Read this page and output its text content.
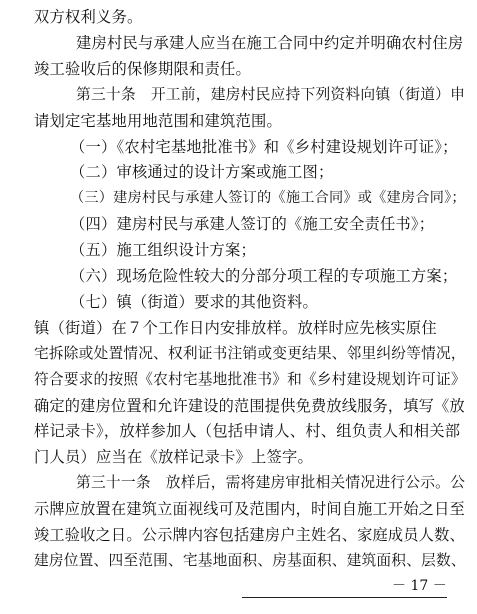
双方权利义务。
建房村民与承建人应当在施工合同中约定并明确农村住房
竣工验收后的保修期限和责任。
第三十条　开工前，建房村民应持下列资料向镇（街道）申
请划定宅基地用地范围和建筑范围。
（一）《农村宅基地批准书》和《乡村建设规划许可证》；
（二）审核通过的设计方案或施工图；
（三）建房村民与承建人签订的《施工合同》或《建房合同》；
（四）建房村民与承建人签订的《施工安全责任书》；
（五）施工组织设计方案；
（六）现场危险性较大的分部分项工程的专项施工方案；
（七）镇（街道）要求的其他资料。
镇（街道）在７个工作日内安排放样。放样时应先核实原住
宅拆除或处置情况、权利证书注销或变更结果、邻里纠纷等情况，
符合要求的按照《农村宅基地批准书》和《乡村建设规划许可证》
确定的建房位置和允许建设的范围提供免费放线服务，填写《放
样记录卡》，放样参加人（包括申请人、村、组负责人和相关部
门人员）应当在《放样记录卡》上签字。
第三十一条　放样后，需将建房审批相关情况进行公示。公
示牌应放置在建筑立面视线可及范围内，时间自施工开始之日至
竣工验收之日。公示牌内容包括建房户主姓名、家庭成员人数、
建房位置、四至范围、宅基地面积、房基面积、建筑面积、层数、
－ 17 －
